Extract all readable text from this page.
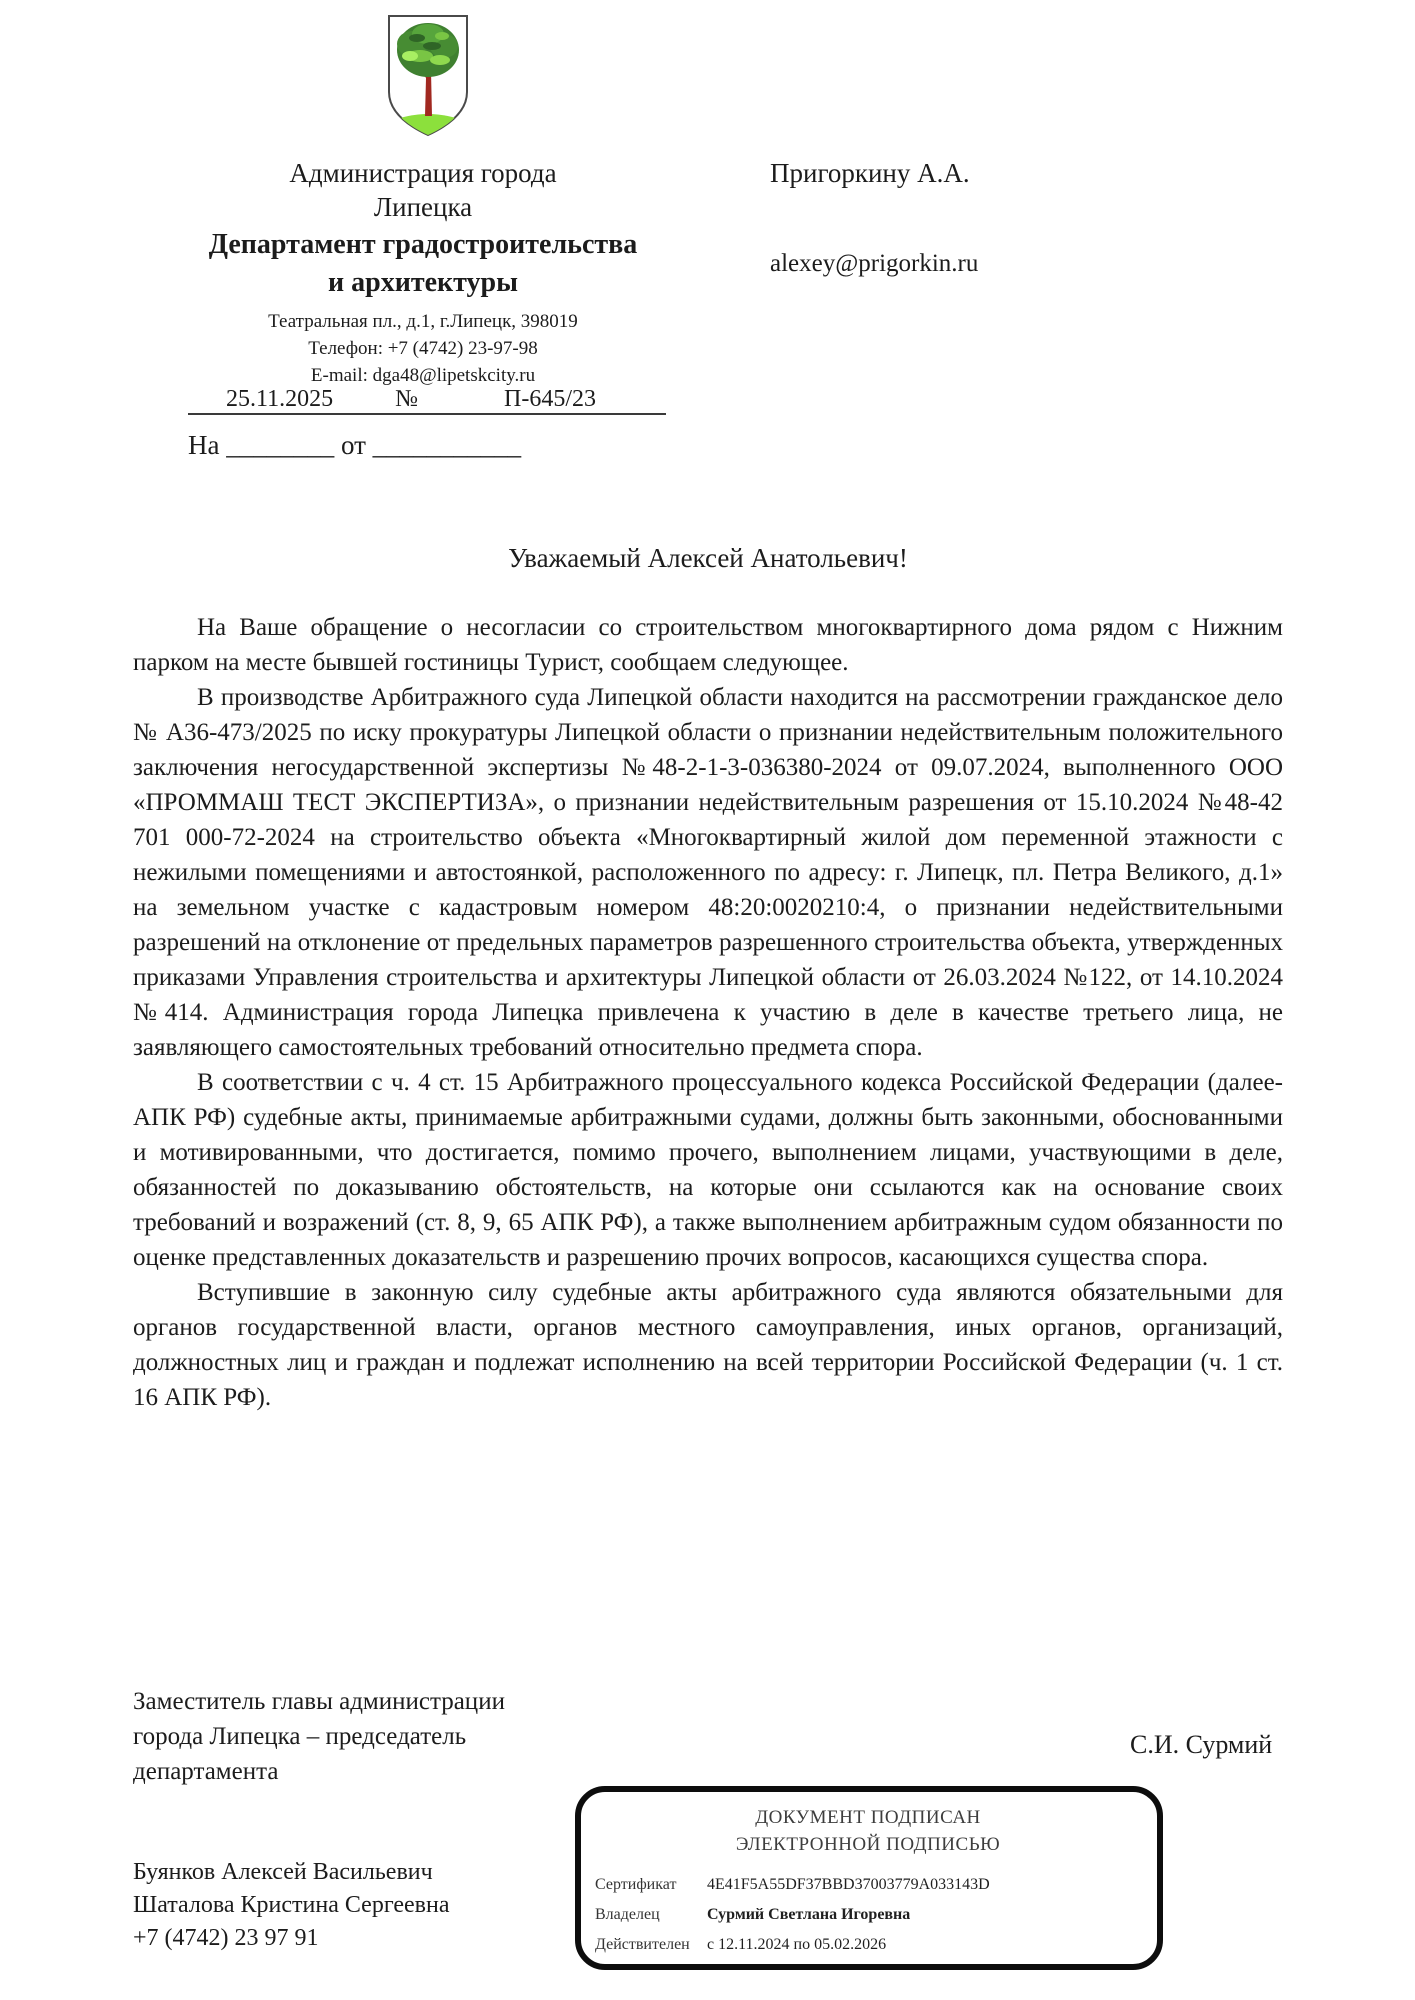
Администрация города
Липецка
Департамент градостроительства
и архитектуры
Театральная пл., д.1, г.Липецк, 398019
Телефон: +7 (4742) 23-97-98
E-mail: dga48@lipetskcity.ru
25.11.2025	№	П-645/23
На ________ от ___________
Пригоркину А.А.
alexey@prigorkin.ru
Уважаемый Алексей Анатольевич!

На Ваше обращение о несогласии со строительством многоквартирного дома рядом с Нижним парком на месте бывшей гостиницы Турист, сообщаем следующее.

В производстве Арбитражного суда Липецкой области находится на рассмотрении гражданское дело № А36-473/2025 по иску прокуратуры Липецкой области о признании недействительным положительного заключения негосударственной экспертизы №48-2-1-3-036380-2024 от 09.07.2024, выполненного ООО «ПРОММАШ ТЕСТ ЭКСПЕРТИЗА», о признании недействительным разрешения от 15.10.2024 №48-42 701 000-72-2024 на строительство объекта «Многоквартирный жилой дом переменной этажности с нежилыми помещениями и автостоянкой, расположенного по адресу: г. Липецк, пл. Петра Великого, д.1» на земельном участке с кадастровым номером 48:20:0020210:4, о признании недействительными разрешений на отклонение от предельных параметров разрешенного строительства объекта, утвержденных приказами Управления строительства и архитектуры Липецкой области от 26.03.2024 №122, от 14.10.2024 №414. Администрация города Липецка привлечена к участию в деле в качестве третьего лица, не заявляющего самостоятельных требований относительно предмета спора.

В соответствии с ч. 4 ст. 15 Арбитражного процессуального кодекса Российской Федерации (далее-АПК РФ) судебные акты, принимаемые арбитражными судами, должны быть законными, обоснованными и мотивированными, что достигается, помимо прочего, выполнением лицами, участвующими в деле, обязанностей по доказыванию обстоятельств, на которые они ссылаются как на основание своих требований и возражений (ст. 8, 9, 65 АПК РФ), а также выполнением арбитражным судом обязанности по оценке представленных доказательств и разрешению прочих вопросов, касающихся существа спора.

Вступившие в законную силу судебные акты арбитражного суда являются обязательными для органов государственной власти, органов местного самоуправления, иных органов, организаций, должностных лиц и граждан и подлежат исполнению на всей территории Российской Федерации (ч. 1 ст. 16 АПК РФ).

Заместитель главы администрации
города Липецка – председатель
департамента
С.И. Сурмий
Буянков Алексей Васильевич
Шаталова Кристина Сергеевна
+7 (4742) 23 97 91
ДОКУМЕНТ ПОДПИСАН
ЭЛЕКТРОННОЙ ПОДПИСЬЮ
Сертификат	4E41F5A55DF37BBD37003779A033143D
Владелец	Сурмий Светлана Игоревна
Действителен	с 12.11.2024 по 05.02.2026
